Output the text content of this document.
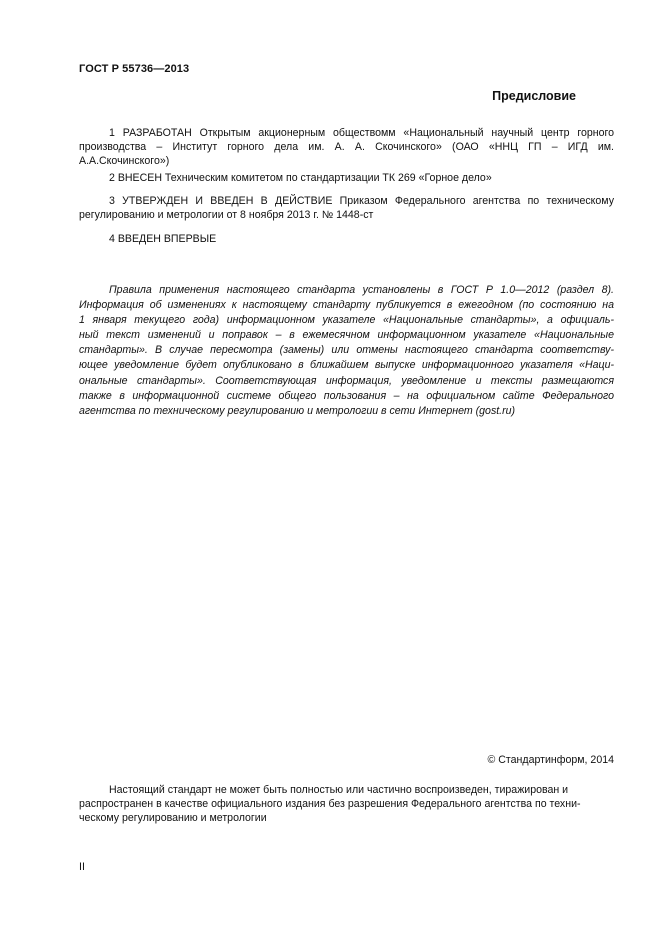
ГОСТ Р 55736—2013
Предисловие
1 РАЗРАБОТАН Открытым акционерным обществомм «Национальный научный центр горного
производства – Институт горного дела им. А. А. Скочинского» (ОАО «ННЦ ГП – ИГД им.
А.А.Скочинского»)
2 ВНЕСЕН Техническим комитетом по стандартизации ТК 269 «Горное дело»
3 УТВЕРЖДЕН И ВВЕДЕН В ДЕЙСТВИЕ Приказом Федерального агентства по техническому
регулированию и метрологии от 8 ноября 2013 г. № 1448-ст
4 ВВЕДЕН ВПЕРВЫЕ
Правила применения настоящего стандарта установлены в ГОСТ Р 1.0—2012 (раздел 8).
Информация об изменениях к настоящему стандарту публикуется в ежегодном (по состоянию на
1 января текущего года) информационном указателе «Национальные стандарты», а официаль-
ный текст изменений и поправок – в ежемесячном информационном указателе «Национальные
стандарты». В случае пересмотра (замены) или отмены настоящего стандарта соответству-
ющее уведомление будет опубликовано в ближайшем выпуске информационного указателя «Наци-
ональные стандарты». Соответствующая информация, уведомление и тексты размещаются
также в информационной системе общего пользования – на официальном сайте Федерального
агентства по техническому регулированию и метрологии в сети Интернет (gost.ru)
© Стандартинформ, 2014
Настоящий стандарт не может быть полностью или частично воспроизведен, тиражирован и распространен в качестве официального издания без разрешения Федерального агентства по техни- ческому регулированию и метрологии
II
